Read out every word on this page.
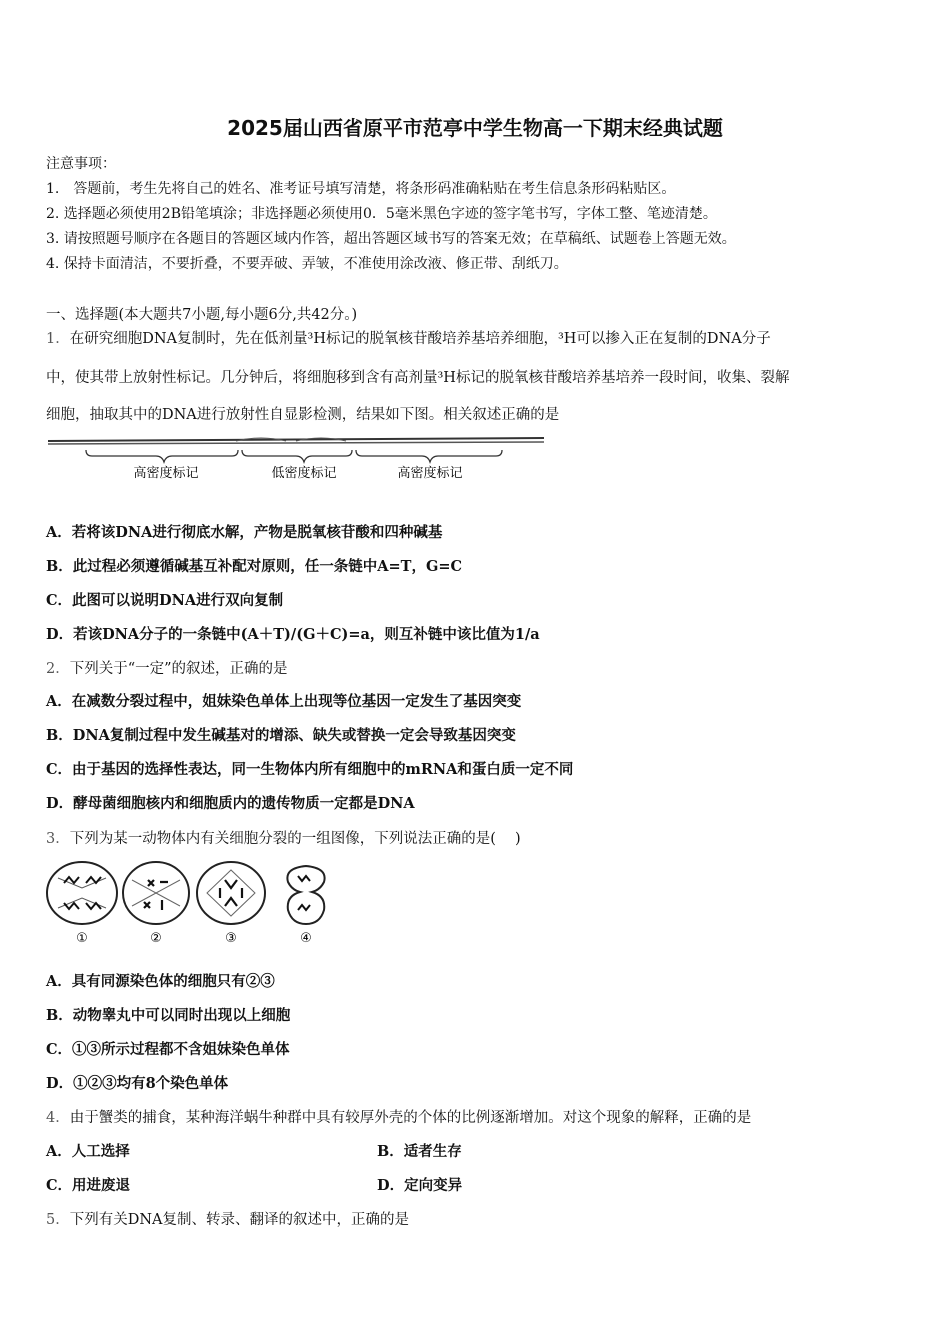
2025届山西省原平市范亭中学生物高一下期末经典试题
注意事项：
1.　答题前，考生先将自己的姓名、准考证号填写清楚，将条形码准确粘贴在考生信息条形码粘贴区。
2. 选择题必须使用2B铅笔填涂；非选择题必须使用0．5毫米黑色字迹的签字笔书写，字体工整、笔迹清楚。
3. 请按照题号顺序在各题目的答题区域内作答，超出答题区域书写的答案无效；在草稿纸、试题卷上答题无效。
4. 保持卡面清洁，不要折叠，不要弄破、弄皱，不准使用涂改液、修正带、刮纸刀。
一、选择题(本大题共7小题,每小题6分,共42分。)
1．在研究细胞DNA复制时，先在低剂量³H标记的脱氧核苷酸培养基培养细胞，³H可以掺入正在复制的DNA分子
中，使其带上放射性标记。几分钟后，将细胞移到含有高剂量³H标记的脱氧核苷酸培养基培养一段时间，收集、裂解
细胞，抽取其中的DNA进行放射性自显影检测，结果如下图。相关叙述正确的是
高密度标记	低密度标记	高密度标记
A．若将该DNA进行彻底水解，产物是脱氧核苷酸和四种碱基
B．此过程必须遵循碱基互补配对原则，任一条链中A=T，G=C
C．此图可以说明DNA进行双向复制
D．若该DNA分子的一条链中(A＋T)/(G＋C)=a，则互补链中该比值为1/a
2．下列关于“一定”的叙述，正确的是
A．在减数分裂过程中，姐妹染色单体上出现等位基因一定发生了基因突变
B．DNA复制过程中发生碱基对的增添、缺失或替换一定会导致基因突变
C．由于基因的选择性表达，同一生物体内所有细胞中的mRNA和蛋白质一定不同
D．酵母菌细胞核内和细胞质内的遗传物质一定都是DNA
3．下列为某一动物体内有关细胞分裂的一组图像，下列说法正确的是(　 )
①	②	③	④
A．具有同源染色体的细胞只有②③
B．动物睾丸中可以同时出现以上细胞
C．①③所示过程都不含姐妹染色单体
D．①②③均有8个染色单体
4．由于蟹类的捕食，某种海洋蜗牛种群中具有较厚外壳的个体的比例逐渐增加。对这个现象的解释，正确的是
A．人工选择	B．适者生存
C．用进废退	D．定向变异
5．下列有关DNA复制、转录、翻译的叙述中，正确的是
